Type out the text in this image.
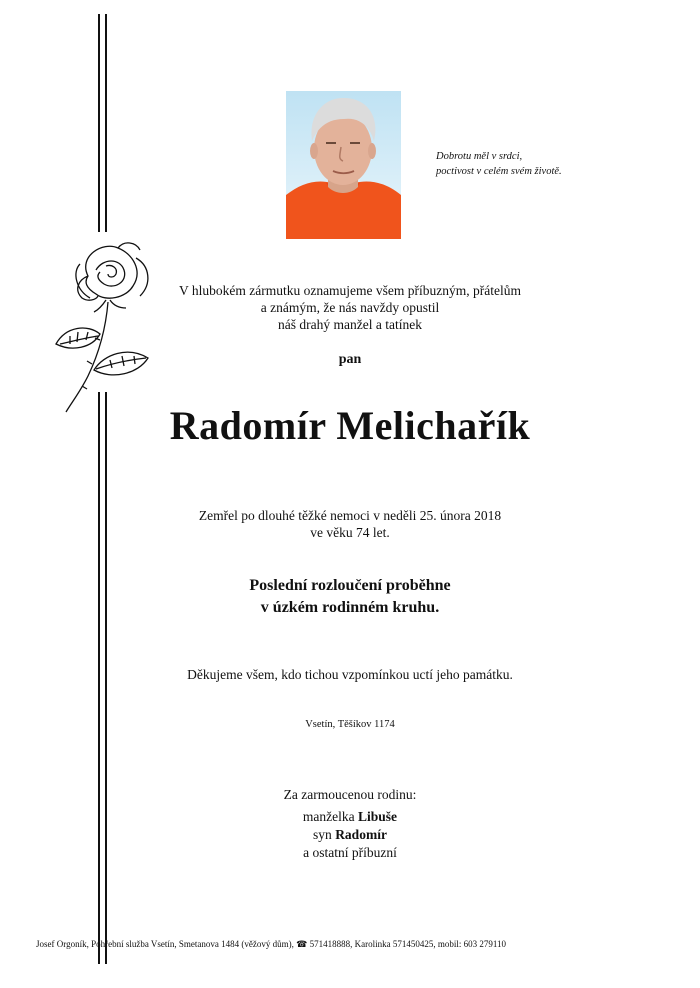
Dobrotu měl v srdci,
poctivost v celém svém životě.
V hlubokém zármutku oznamujeme všem příbuzným, přátelům
a známým, že nás navždy opustil
náš drahý manžel a tatínek
pan
Radomír Melichařík
Zemřel po dlouhé těžké nemoci v neděli 25. února 2018
ve věku 74 let.
Poslední rozloučení proběhne
v úzkém rodinném kruhu.
Děkujeme všem, kdo tichou vzpomínkou uctí jeho památku.
Vsetín, Těšíkov 1174
Za zarmoucenou rodinu:
manželka Libuše
syn Radomír
a ostatní příbuzní
Josef Orgoník, Pohřební služba Vsetín, Smetanova 1484 (věžový dům), ☎ 571418888, Karolinka 571450425, mobil: 603 279110
